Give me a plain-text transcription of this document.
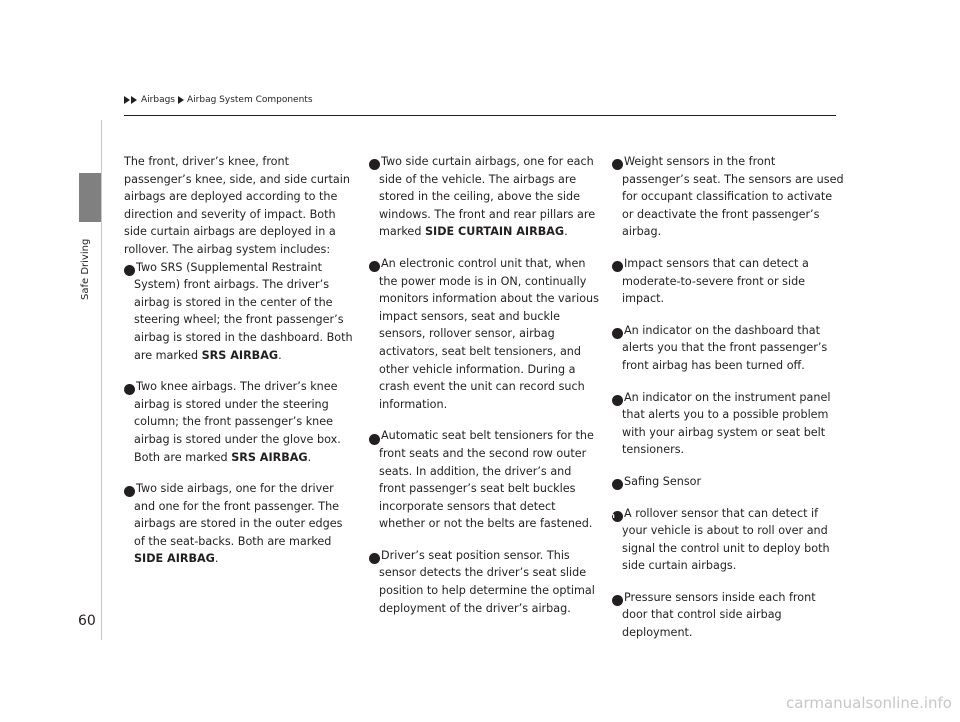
Safe Driving
Airbags Airbag System Components

The front, driver’s knee, front passenger’s knee, side, and side curtain airbags are deployed according to the direction and severity of impact. Both side curtain airbags are deployed in a rollover. The airbag system includes:

a Two SRS (Supplemental Restraint System) front airbags. The driver’s airbag is stored in the center of the steering wheel; the front passenger’s airbag is stored in the dashboard. Both are marked SRS AIRBAG.

b Two knee airbags. The driver’s knee airbag is stored under the steering column; the front passenger’s knee airbag is stored under the glove box. Both are marked SRS AIRBAG.

c Two side airbags, one for the driver and one for the front passenger. The airbags are stored in the outer edges of the seat-backs. Both are marked SIDE AIRBAG.

d Two side curtain airbags, one for each side of the vehicle. The airbags are stored in the ceiling, above the side windows. The front and rear pillars are marked SIDE CURTAIN AIRBAG.

e An electronic control unit that, when the power mode is in ON, continually monitors information about the various impact sensors, seat and buckle sensors, rollover sensor, airbag activators, seat belt tensioners, and other vehicle information. During a crash event the unit can record such information.

f Automatic seat belt tensioners for the front seats and the second row outer seats. In addition, the driver’s and front passenger’s seat belt buckles incorporate sensors that detect whether or not the belts are fastened.

g Driver’s seat position sensor. This sensor detects the driver’s seat slide position to help determine the optimal deployment of the driver’s airbag.

h Weight sensors in the front passenger’s seat. The sensors are used for occupant classification to activate or deactivate the front passenger’s airbag.

i Impact sensors that can detect a moderate-to-severe front or side impact.

j An indicator on the dashboard that alerts you that the front passenger’s front airbag has been turned off.

k An indicator on the instrument panel that alerts you to a possible problem with your airbag system or seat belt tensioners.

l Safing Sensor

m A rollover sensor that can detect if your vehicle is about to roll over and signal the control unit to deploy both side curtain airbags.

n Pressure sensors inside each front door that control side airbag deployment.

60
carmanualsonline.info
